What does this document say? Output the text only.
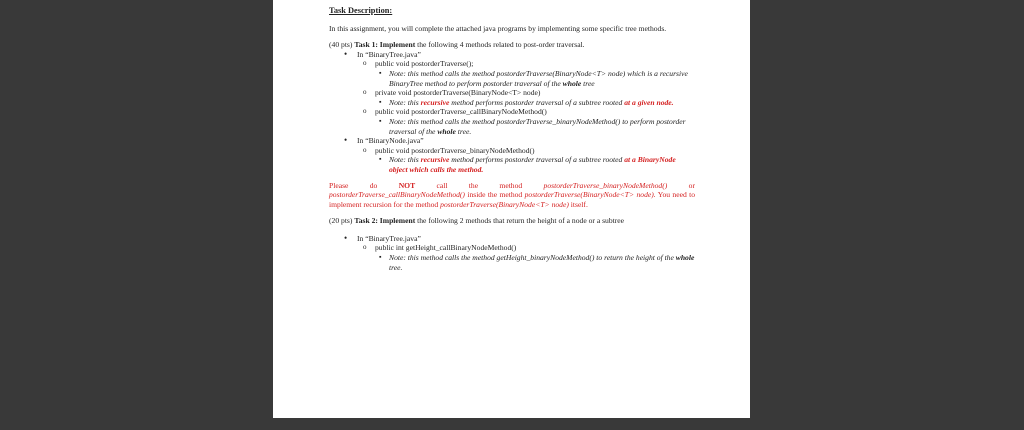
Task Description:

In this assignment, you will complete the attached java programs by implementing some specific tree methods.

(40 pts) Task 1: Implement the following 4 methods related to post-order traversal.

• In “BinaryTree.java”
o public void postorderTraverse();
▪ Note: this method calls the method postorderTraverse(BinaryNode<T> node) which is a recursive BinaryTree method to perform postorder traversal of the whole tree
o private void postorderTraverse(BinaryNode<T> node)
▪ Note: this recursive method performs postorder traversal of a subtree rooted at a given node.
o public void postorderTraverse_callBinaryNodeMethod()
▪ Note: this method calls the method postorderTraverse_binaryNodeMethod() to perform postorder traversal of the whole tree.
• In “BinaryNode.java”
o public void postorderTraverse_binaryNodeMethod()
▪ Note: this recursive method performs postorder traversal of a subtree rooted at a BinaryNode object which calls the method.

Please do	NOT	call the method	postorderTraverse_binaryNodeMethod()	or postorderTraverse_callBinaryNodeMethod() inside the method postorderTraverse(BinaryNode<T> node). You need to implement recursion for the method postorderTraverse(BinaryNode<T> node) itself.

(20 pts) Task 2: Implement the following 2 methods that return the height of a node or a subtree

• In “BinaryTree.java”
o public int getHeight_callBinaryNodeMethod()
▪ Note: this method calls the method getHeight_binaryNodeMethod() to return the height of the whole tree.
